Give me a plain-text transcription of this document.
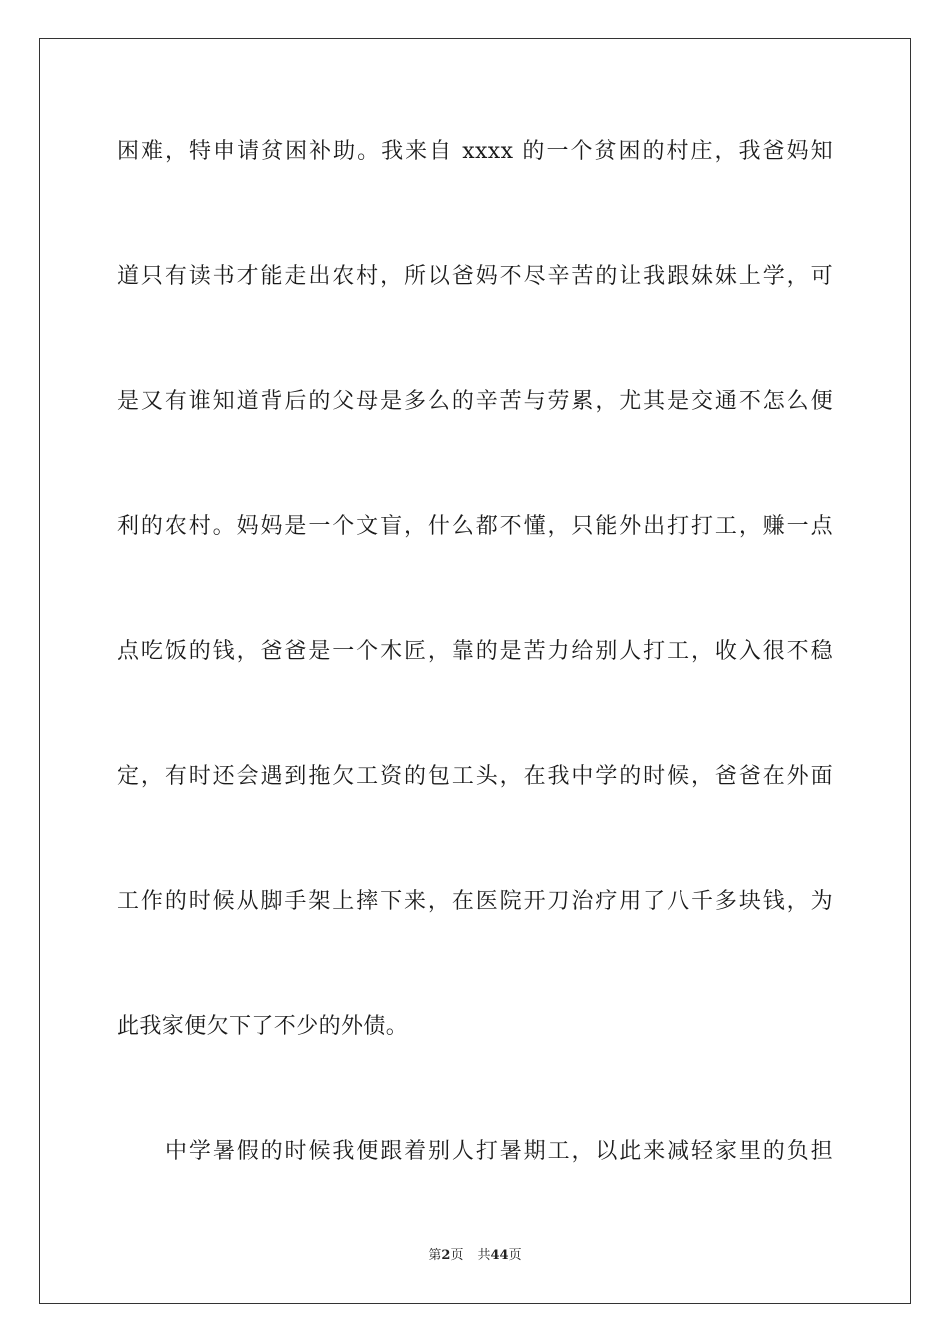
困难，特申请贫困补助。我来自 xxxx 的一个贫困的村庄，我爸妈知
道只有读书才能走出农村，所以爸妈不尽辛苦的让我跟妹妹上学，可
是又有谁知道背后的父母是多么的辛苦与劳累，尤其是交通不怎么便
利的农村。妈妈是一个文盲，什么都不懂，只能外出打打工，赚一点
点吃饭的钱，爸爸是一个木匠，靠的是苦力给别人打工，收入很不稳
定，有时还会遇到拖欠工资的包工头，在我中学的时候，爸爸在外面
工作的时候从脚手架上摔下来，在医院开刀治疗用了八千多块钱，为
此我家便欠下了不少的外债。
中学暑假的时候我便跟着别人打暑期工，以此来减轻家里的负担
第2页 共44页
